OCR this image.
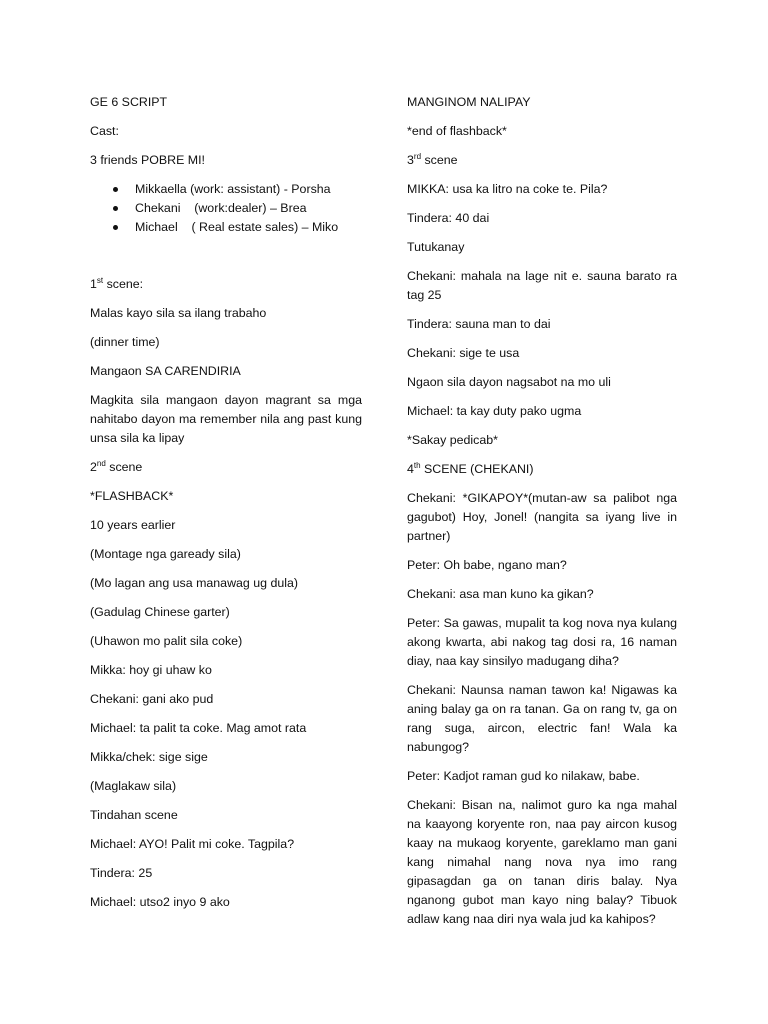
GE 6 SCRIPT

Cast:

3 friends POBRE MI!

Mikkaella (work: assistant) - Porsha
Chekani    (work:dealer) – Brea
Michael    ( Real estate sales) – Miko

1st scene:

Malas kayo sila sa ilang trabaho

(dinner time)

Mangaon SA CARENDIRIA

Magkita sila mangaon dayon magrant sa mga nahitabo dayon ma remember nila ang past kung unsa sila ka lipay

2nd scene

*FLASHBACK*

10 years earlier

(Montage nga gaready sila)

(Mo lagan ang usa manawag ug dula)

(Gadulag Chinese garter)

(Uhawon mo palit sila coke)

Mikka: hoy gi uhaw ko

Chekani: gani ako pud

Michael: ta palit ta coke. Mag amot rata

Mikka/chek: sige sige

(Maglakaw sila)

Tindahan scene

Michael: AYO! Palit mi coke. Tagpila?

Tindera: 25

Michael: utso2 inyo 9 ako

MANGINOM NALIPAY

*end of flashback*

3rd scene

MIKKA: usa ka litro na coke te. Pila?

Tindera: 40 dai

Tutukanay

Chekani: mahala na lage nit e. sauna barato ra tag 25

Tindera: sauna man to dai

Chekani: sige te usa

Ngaon sila dayon nagsabot na mo uli

Michael: ta kay duty pako ugma

*Sakay pedicab*

4th SCENE (CHEKANI)

Chekani: *GIKAPOY*(mutan-aw sa palibot nga gagubot) Hoy, Jonel! (nangita sa iyang live in partner)

Peter: Oh babe, ngano man?

Chekani: asa man kuno ka gikan?

Peter: Sa gawas, mupalit ta kog nova nya kulang akong kwarta, abi nakog tag dosi ra, 16 naman diay, naa kay sinsilyo madugang diha?

Chekani: Naunsa naman tawon ka! Nigawas ka aning balay ga on ra tanan. Ga on rang tv, ga on rang suga, aircon, electric fan! Wala ka nabungog?

Peter: Kadjot raman gud ko nilakaw, babe.

Chekani: Bisan na, nalimot guro ka nga mahal na kaayong koryente ron, naa pay aircon kusog kaay na mukaog koryente, gareklamo man gani kang nimahal nang nova nya imo rang gipasagdan ga on tanan diris balay. Nya nganong gubot man kayo ning balay? Tibuok adlaw kang naa diri nya wala jud ka kahipos?
